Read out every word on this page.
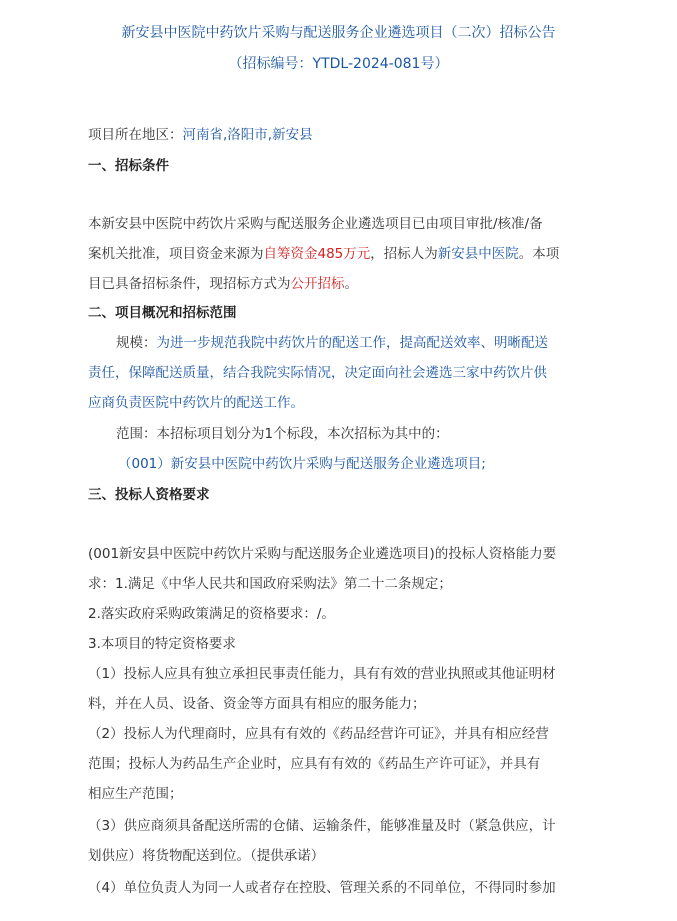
新安县中医院中药饮片采购与配送服务企业遴选项目（二次）招标公告
（招标编号：YTDL-2024-081号）
项目所在地区：河南省,洛阳市,新安县
一、招标条件
本新安县中医院中药饮片采购与配送服务企业遴选项目已由项目审批/核准/备
案机关批准，项目资金来源为自筹资金485万元，招标人为新安县中医院。本项
目已具备招标条件，现招标方式为公开招标。
二、项目概况和招标范围
规模：为进一步规范我院中药饮片的配送工作，提高配送效率、明晰配送
责任，保障配送质量，结合我院实际情况，决定面向社会遴选三家中药饮片供
应商负责医院中药饮片的配送工作。
范围：本招标项目划分为1个标段，本次招标为其中的：
（001）新安县中医院中药饮片采购与配送服务企业遴选项目;
三、投标人资格要求
(001新安县中医院中药饮片采购与配送服务企业遴选项目)的投标人资格能力要
求：1.满足《中华人民共和国政府采购法》第二十二条规定；
2.落实政府采购政策满足的资格要求：/。
3.本项目的特定资格要求
（1）投标人应具有独立承担民事责任能力，具有有效的营业执照或其他证明材
料，并在人员、设备、资金等方面具有相应的服务能力；
（2）投标人为代理商时，应具有有效的《药品经营许可证》，并具有相应经营
范围；投标人为药品生产企业时，应具有有效的《药品生产许可证》，并具有
相应生产范围；
（3）供应商须具备配送所需的仓储、运输条件，能够准量及时（紧急供应，计
划供应）将货物配送到位。（提供承诺）
（4）单位负责人为同一人或者存在控股、管理关系的不同单位，不得同时参加
